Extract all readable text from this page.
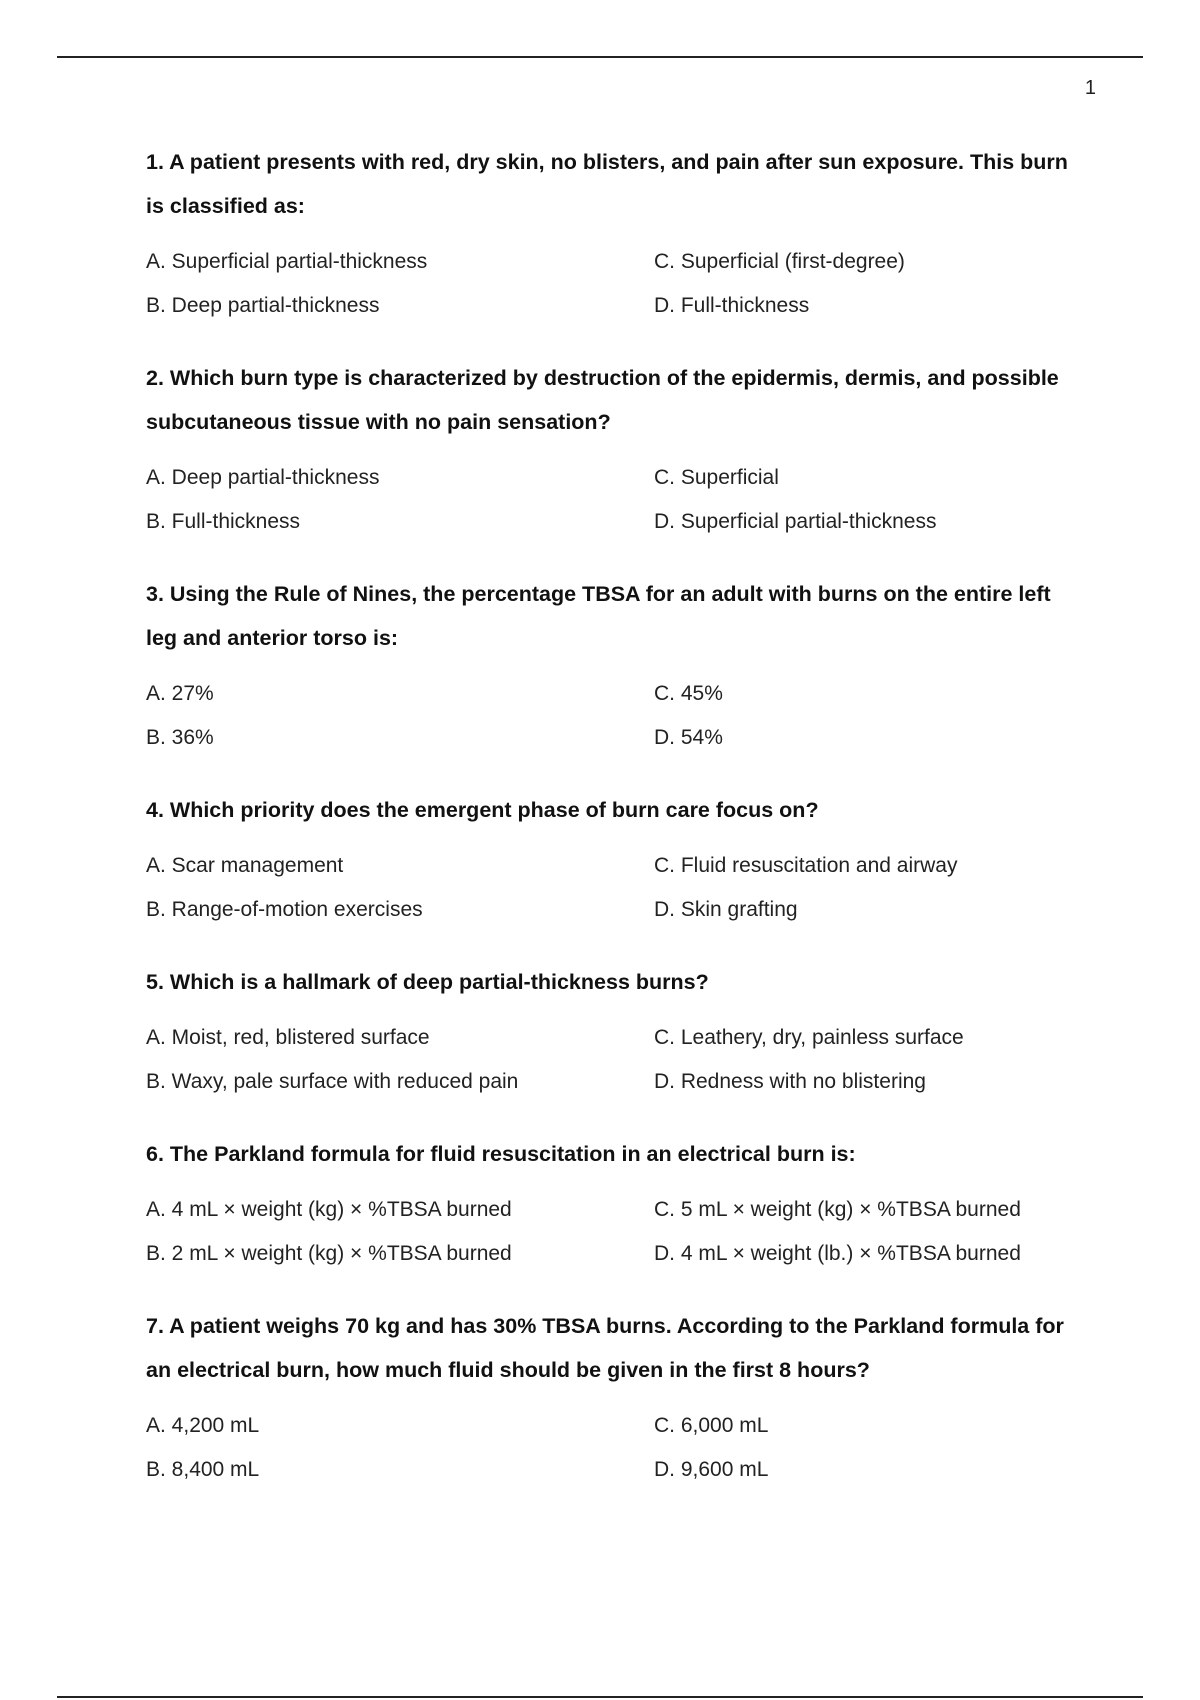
1

1. A patient presents with red, dry skin, no blisters, and pain after sun exposure. This burn is classified as:

A. Superficial partial-thickness	C. Superficial (first-degree)
B. Deep partial-thickness	D. Full-thickness

2. Which burn type is characterized by destruction of the epidermis, dermis, and possible subcutaneous tissue with no pain sensation?

A. Deep partial-thickness	C. Superficial
B. Full-thickness	D. Superficial partial-thickness

3. Using the Rule of Nines, the percentage TBSA for an adult with burns on the entire left leg and anterior torso is:

A. 27%	C. 45%
B. 36%	D. 54%

4. Which priority does the emergent phase of burn care focus on?

A. Scar management	C. Fluid resuscitation and airway
B. Range-of-motion exercises	D. Skin grafting

5. Which is a hallmark of deep partial-thickness burns?

A. Moist, red, blistered surface	C. Leathery, dry, painless surface
B. Waxy, pale surface with reduced pain	D. Redness with no blistering

6. The Parkland formula for fluid resuscitation in an electrical burn is:

A. 4 mL × weight (kg) × %TBSA burned	C. 5 mL × weight (kg) × %TBSA burned
B. 2 mL × weight (kg) × %TBSA burned	D. 4 mL × weight (lb.) × %TBSA burned

7. A patient weighs 70 kg and has 30% TBSA burns. According to the Parkland formula for an electrical burn, how much fluid should be given in the first 8 hours?

A. 4,200 mL	C. 6,000 mL
B. 8,400 mL	D. 9,600 mL
